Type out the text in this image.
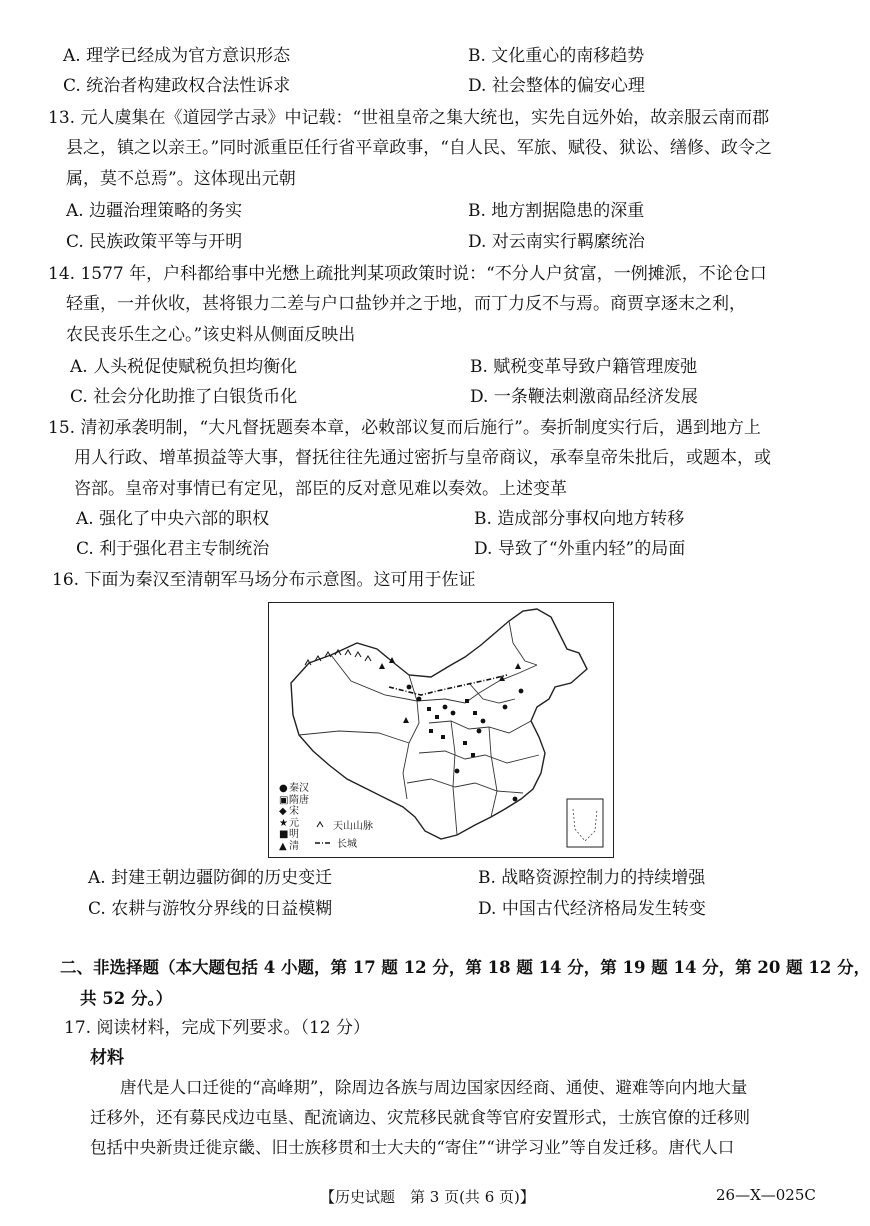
A. 理学已经成为官方意识形态	B. 文化重心的南移趋势
C. 统治者构建政权合法性诉求	D. 社会整体的偏安心理
13. 元人虞集在《道园学古录》中记载：“世祖皇帝之集大统也，实先自远外始，故亲服云南而郡
县之，镇之以亲王。”同时派重臣任行省平章政事，“自人民、军旅、赋役、狱讼、缮修、政令之
属，莫不总焉”。这体现出元朝
A. 边疆治理策略的务实	B. 地方割据隐患的深重
C. 民族政策平等与开明	D. 对云南实行羁縻统治
14. 1577 年，户科都给事中光懋上疏批判某项政策时说：“不分人户贫富，一例摊派，不论仓口
轻重，一并伙收，甚将银力二差与户口盐钞并之于地，而丁力反不与焉。商贾享逐末之利，
农民丧乐生之心。”该史料从侧面反映出
A. 人头税促使赋税负担均衡化	B. 赋税变革导致户籍管理废弛
C. 社会分化助推了白银货币化	D. 一条鞭法刺激商品经济发展
15. 清初承袭明制，“大凡督抚题奏本章，必敕部议复而后施行”。奏折制度实行后，遇到地方上
用人行政、增革损益等大事，督抚往往先通过密折与皇帝商议，承奉皇帝朱批后，或题本，或
咨部。皇帝对事情已有定见，部臣的反对意见难以奏效。上述变革
A. 强化了中央六部的职权	B. 造成部分事权向地方转移
C. 利于强化君主专制统治	D. 导致了“外重内轻”的局面
16. 下面为秦汉至清朝军马场分布示意图。这可用于佐证
●秦汉
▣隋唐
◆ 宋
★元
■明
▲ 清
天山山脉
长城
A. 封建王朝边疆防御的历史变迁	B. 战略资源控制力的持续增强
C. 农耕与游牧分界线的日益模糊	D. 中国古代经济格局发生转变
二、非选择题（本大题包括 4 小题，第 17 题 12 分，第 18 题 14 分，第 19 题 14 分，第 20 题 12 分，
共 52 分。）
17. 阅读材料，完成下列要求。（12 分）
材料
唐代是人口迁徙的“高峰期”，除周边各族与周边国家因经商、通使、避难等向内地大量
迁移外，还有募民戍边屯垦、配流谪边、灾荒移民就食等官府安置形式，士族官僚的迁移则
包括中央新贵迁徙京畿、旧士族移贯和士大夫的“寄住”“讲学习业”等自发迁移。唐代人口
【历史试题　第 3 页(共 6 页)】	26—X—025C
